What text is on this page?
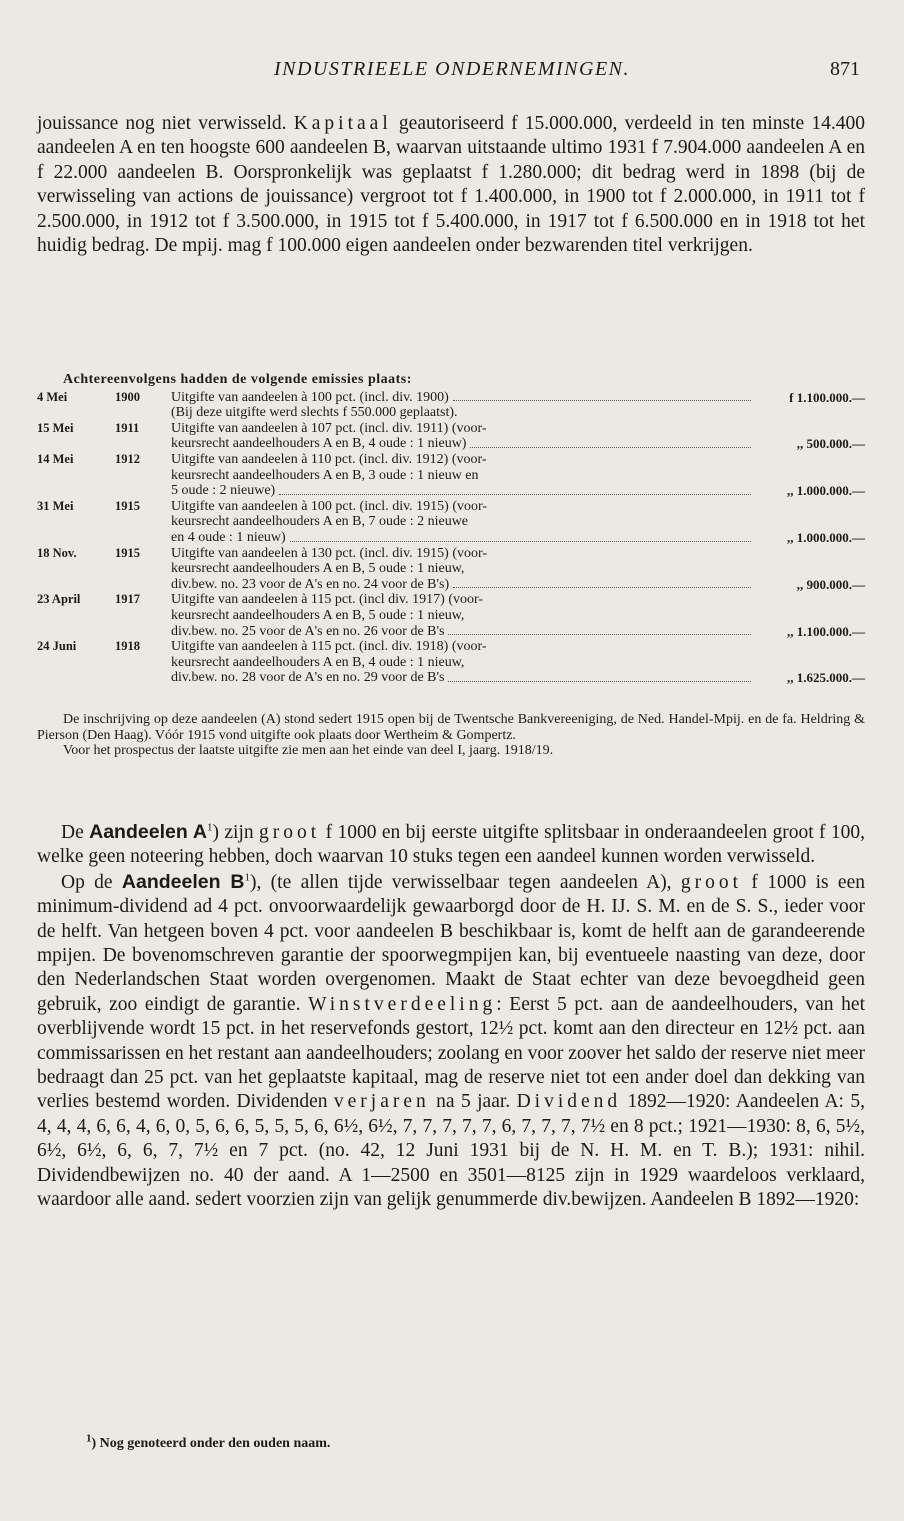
INDUSTRIEELE ONDERNEMINGEN.	871

jouissance nog niet verwisseld. Kapitaal geautoriseerd f 15.000.000, verdeeld in ten minste 14.400 aandeelen A en ten hoogste 600 aandeelen B, waarvan uitstaande ultimo 1931 f 7.904.000 aandeelen A en f 22.000 aandeelen B. Oorspronkelijk was geplaatst f 1.280.000; dit bedrag werd in 1898 (bij de verwisseling van actions de jouissance) vergroot tot f 1.400.000, in 1900 tot f 2.000.000, in 1911 tot f 2.500.000, in 1912 tot f 3.500.000, in 1915 tot f 5.400.000, in 1917 tot f 6.500.000 en in 1918 tot het huidig bedrag. De mpij. mag f 100.000 eigen aandeelen onder bezwarenden titel verkrijgen.

Achtereenvolgens hadden de volgende emissies plaats:
4 Mei	1900	Uitgifte van aandeelen à 100 pct. (incl. div. 1900)	f 1.100.000.—
(Bij deze uitgifte werd slechts f 550.000 geplaatst).
15 Mei	1911	Uitgifte van aandeelen à 107 pct. (incl. div. 1911) (voor-
keursrecht aandeelhouders A en B, 4 oude : 1 nieuw)	,, 500.000.—
14 Mei	1912	Uitgifte van aandeelen à 110 pct. (incl. div. 1912) (voor-
keursrecht aandeelhouders A en B, 3 oude : 1 nieuw en
5 oude : 2 nieuwe)	,, 1.000.000.—
31 Mei	1915	Uitgifte van aandeelen à 100 pct. (incl. div. 1915) (voor-
keursrecht aandeelhouders A en B, 7 oude : 2 nieuwe
en 4 oude : 1 nieuw)	,, 1.000.000.—
18 Nov.	1915	Uitgifte van aandeelen à 130 pct. (incl. div. 1915) (voor-
keursrecht aandeelhouders A en B, 5 oude : 1 nieuw,
div.bew. no. 23 voor de A's en no. 24 voor de B's)	,, 900.000.—
23 April	1917	Uitgifte van aandeelen à 115 pct. (incl div. 1917) (voor-
keursrecht aandeelhouders A en B, 5 oude : 1 nieuw,
div.bew. no. 25 voor de A's en no. 26 voor de B's	,, 1.100.000.—
24 Juni	1918	Uitgifte van aandeelen à 115 pct. (incl. div. 1918) (voor-
keursrecht aandeelhouders A en B, 4 oude : 1 nieuw,
div.bew. no. 28 voor de A's en no. 29 voor de B's	,, 1.625.000.—

De inschrijving op deze aandeelen (A) stond sedert 1915 open bij de Twentsche Bankvereeniging, de Ned. Handel-Mpij. en de fa. Heldring & Pierson (Den Haag). Vóór 1915 vond uitgifte ook plaats door Wertheim & Gompertz.

Voor het prospectus der laatste uitgifte zie men aan het einde van deel I, jaarg. 1918/19.

De Aandeelen $A^1$) zijn groot f 1000 en bij eerste uitgifte splitsbaar in onderaandeelen groot f 100, welke geen noteering hebben, doch waarvan 10 stuks tegen een aandeel kunnen worden verwisseld.

Op de Aandeelen $B^1$), (te allen tijde verwisselbaar tegen aandeelen A), groot f 1000 is een minimum-dividend ad 4 pct. onvoorwaardelijk gewaarborgd door de H. IJ. S. M. en de S. S., ieder voor de helft. Van hetgeen boven 4 pct. voor aandeelen B beschikbaar is, komt de helft aan de garandeerende mpijen. De bovenomschreven garantie der spoorwegmpijen kan, bij eventueele naasting van deze, door den Nederlandschen Staat worden overgenomen. Maakt de Staat echter van deze bevoegdheid geen gebruik, zoo eindigt de garantie. Winstverdeeling: Eerst 5 pct. aan de aandeelhouders, van het overblijvende wordt 15 pct. in het reservefonds gestort, 12½ pct. komt aan den directeur en 12½ pct. aan commissarissen en het restant aan aandeelhouders; zoolang en voor zoover het saldo der reserve niet meer bedraagt dan 25 pct. van het geplaatste kapitaal, mag de reserve niet tot een ander doel dan dekking van verlies bestemd worden. Dividenden verjaren na 5 jaar. Dividend 1892—1920: Aandeelen A: 5, 4, 4, 4, 6, 6, 4, 6, 0, 5, 6, 6, 5, 5, 5, 6, 6½, 6½, 7, 7, 7, 7, 7, 6, 7, 7, 7, 7½ en 8 pct.; 1921—1930: 8, 6, 5½, 6½, 6½, 6, 6, 7, 7½ en 7 pct. (no. 42, 12 Juni 1931 bij de N. H. M. en T. B.); 1931: nihil. Dividendbewijzen no. 40 der aand. A 1—2500 en 3501—8125 zijn in 1929 waardeloos verklaard, waardoor alle aand. sedert voorzien zijn van gelijk genummerde div.bewijzen. Aandeelen B 1892—1920:

$^1$) Nog genoteerd onder den ouden naam.
